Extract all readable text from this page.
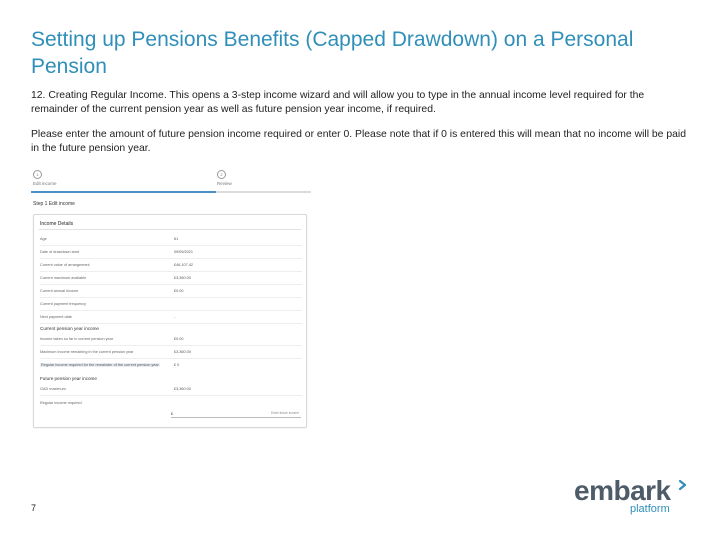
Setting up Pensions Benefits (Capped Drawdown) on a Personal Pension

12. Creating Regular Income. This opens a 3-step income wizard and will allow you to type in the annual income level required for the remainder of the current pension year as well as future pension year income, if required.

Please enter the amount of future pension income required or enter 0. Please note that if 0 is entered this will mean that no income will be paid in the future pension year.

1
Edit income
2
Review
Step 1 Edit income
Income Details
Age	61
Date of drawdown start	09/09/2021
Current value of arrangement	£46,107.42
Current maximum available	£3,360.00
Current annual income	£0.00
Current payment frequency
Next payment date	-
Current pension year income
Income taken so far in current pension year	£0.00
Maximum income remaining in the current pension year	£3,360.00
Regular income required for the remainder of the current pension year	£ 0
Future pension year income
GAD maximum	£3,360.00
Regular income required
£	Enter future income
7
embark
platform
